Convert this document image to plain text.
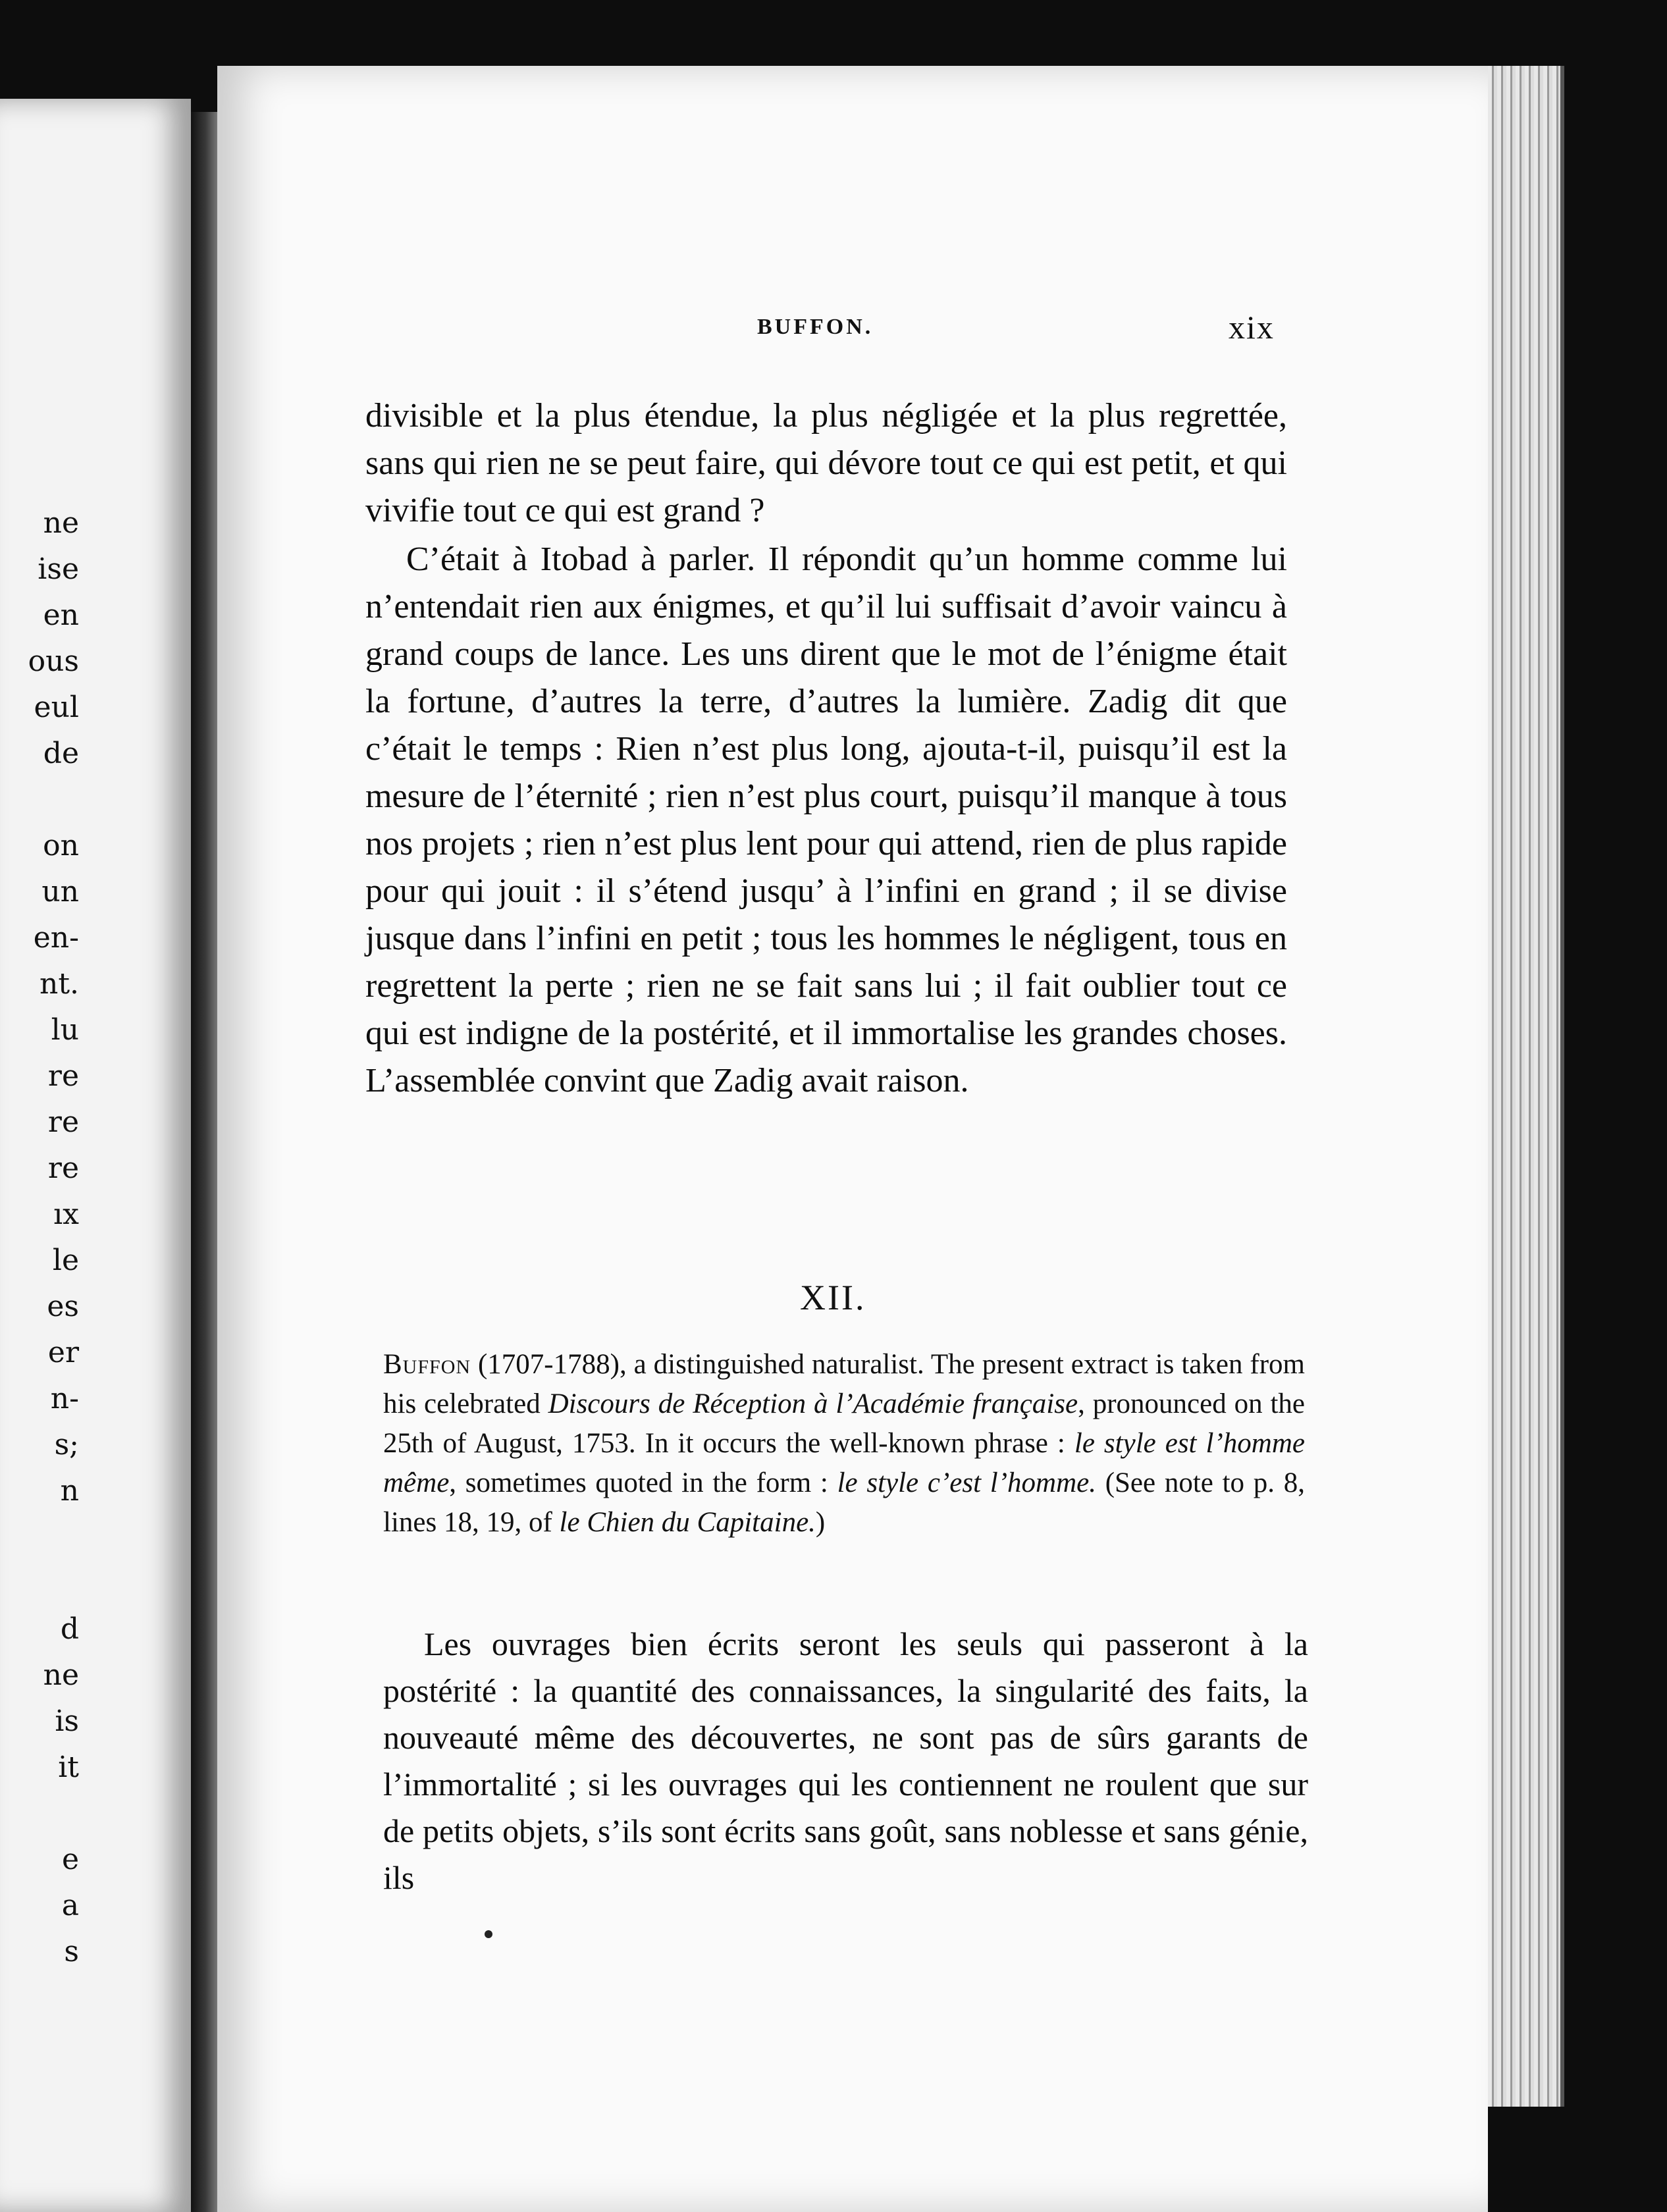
ne
ise
en
ous
eul
de

on
un
en-
nt.
lu
re
re
re
ıx
le
es
er
n-
s;
n

d
ne
is
it

e
a
s
BUFFON.	xix
divisible et la plus étendue, la plus négligée et la plus regrettée, sans qui rien ne se peut faire, qui dévore tout ce qui est petit, et qui vivifie tout ce qui est grand ?
C’était à Itobad à parler. Il répondit qu’un homme comme lui n’entendait rien aux énigmes, et qu’il lui suffisait d’avoir vaincu à grand coups de lance. Les uns dirent que le mot de l’énigme était la fortune, d’autres la terre, d’autres la lumière. Zadig dit que c’était le temps : Rien n’est plus long, ajouta-t-il, puisqu’il est la mesure de l’éternité ; rien n’est plus court, puisqu’il manque à tous nos projets ; rien n’est plus lent pour qui attend, rien de plus rapide pour qui jouit : il s’étend jusqu’ à l’infini en grand ; il se divise jusque dans l’infini en petit ; tous les hommes le négligent, tous en regrettent la perte ; rien ne se fait sans lui ; il fait oublier tout ce qui est indigne de la postérité, et il immortalise les grandes choses. L’assemblée convint que Zadig avait raison.
XII.
Buffon (1707-1788), a distinguished naturalist. The present extract is taken from his celebrated Discours de Réception à l’Académie française, pronounced on the 25th of August, 1753. In it occurs the well-known phrase : le style est l’homme même, sometimes quoted in the form : le style c’est l’homme. (See note to p. 8, lines 18, 19, of le Chien du Capitaine.)
Les ouvrages bien écrits seront les seuls qui passeront à la postérité : la quantité des connaissances, la singularité des faits, la nouveauté même des découvertes, ne sont pas de sûrs garants de l’immortalité ; si les ouvrages qui les contiennent ne roulent que sur de petits objets, s’ils sont écrits sans goût, sans noblesse et sans génie, ils
